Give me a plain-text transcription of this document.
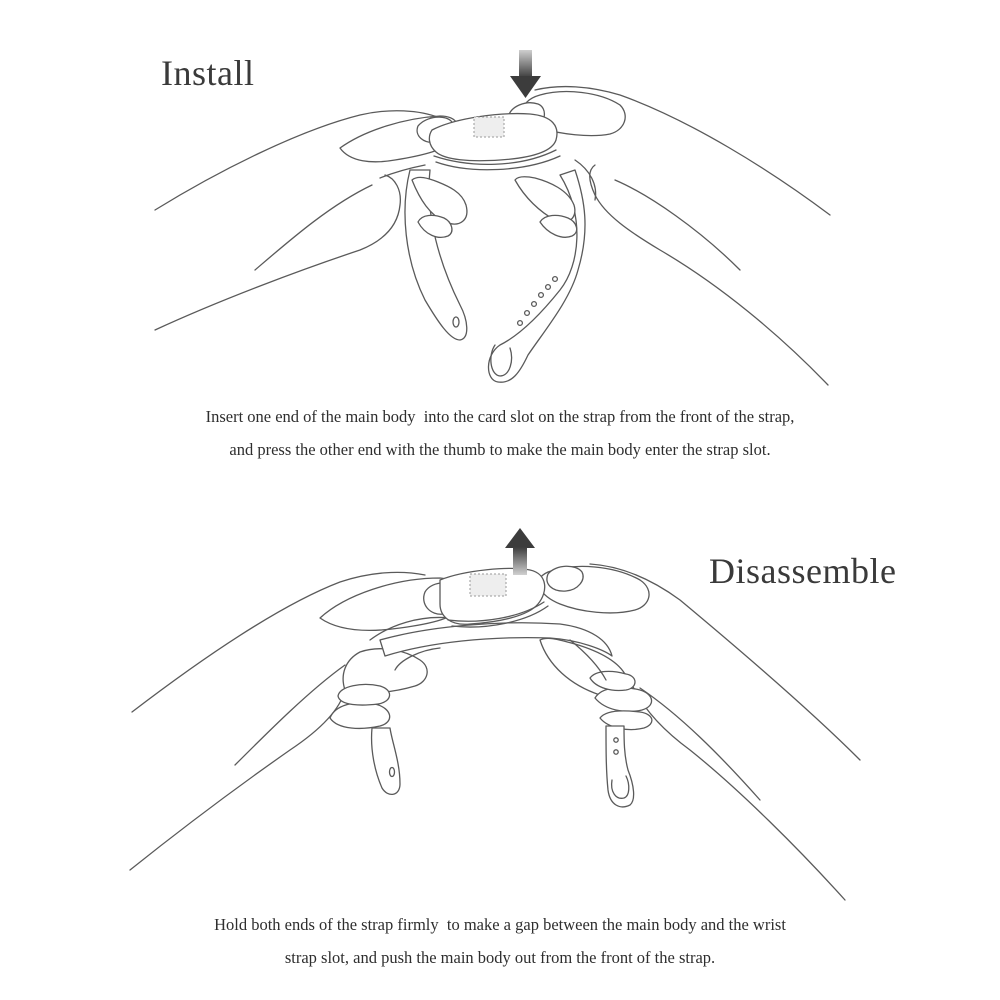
Install
Insert one end of the main body  into the card slot on the strap from the front of the strap,
and press the other end with the thumb to make the main body enter the strap slot.
Disassemble
Hold both ends of the strap firmly  to make a gap between the main body and the wrist
strap slot, and push the main body out from the front of the strap.
